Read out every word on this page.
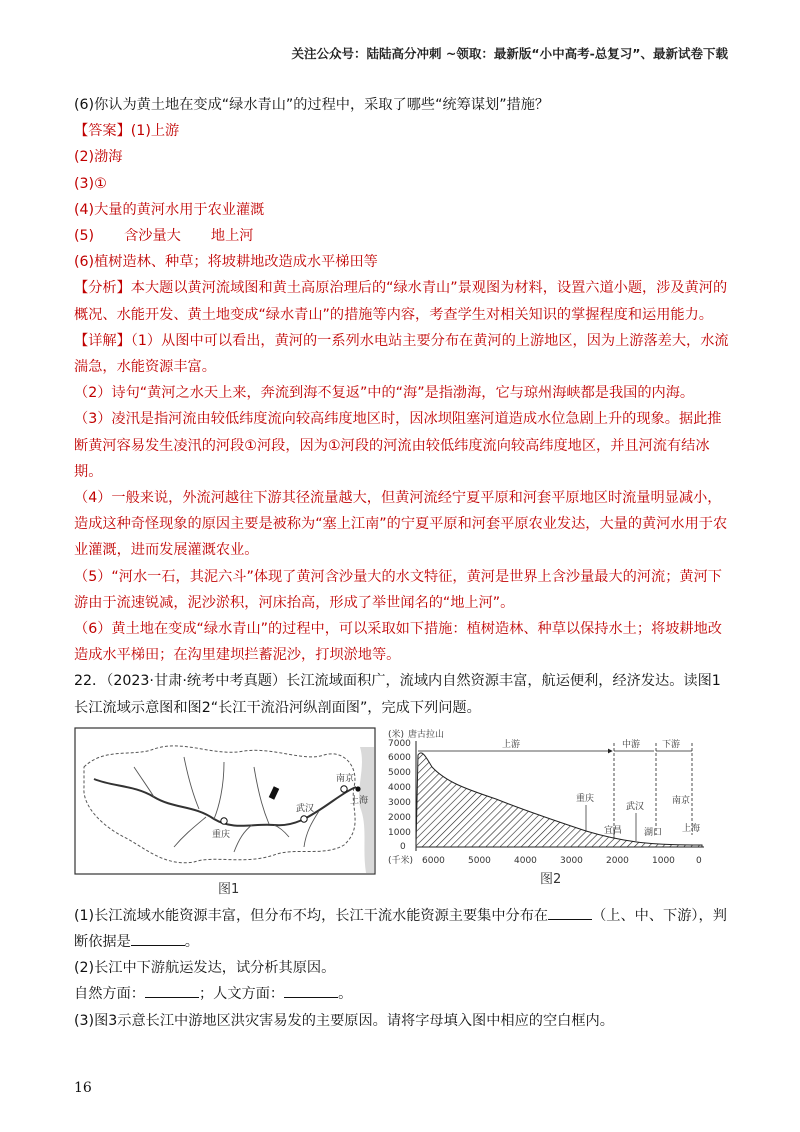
关注公众号：陆陆高分冲刺 ~领取：最新版“小中高考-总复习”、最新试卷下载
(6)你认为黄土地在变成“绿水青山”的过程中，采取了哪些“统筹谋划”措施？
【答案】(1)上游
(2)渤海
(3)①
(4)大量的黄河水用于农业灌溉
(5) 含沙量大 地上河
(6)植树造林、种草；将坡耕地改造成水平梯田等
【分析】本大题以黄河流域图和黄土高原治理后的“绿水青山”景观图为材料，设置六道小题，涉及黄河的概况、水能开发、黄土地变成“绿水青山”的措施等内容，考查学生对相关知识的掌握程度和运用能力。
【详解】（1）从图中可以看出，黄河的一系列水电站主要分布在黄河的上游地区，因为上游落差大，水流湍急，水能资源丰富。
（2）诗句“黄河之水天上来，奔流到海不复返”中的“海”是指渤海，它与琼州海峡都是我国的内海。
（3）凌汛是指河流由较低纬度流向较高纬度地区时，因冰坝阻塞河道造成水位急剧上升的现象。据此推断黄河容易发生凌汛的河段①河段，因为①河段的河流由较低纬度流向较高纬度地区，并且河流有结冰期。
（4）一般来说，外流河越往下游其径流量越大，但黄河流经宁夏平原和河套平原地区时流量明显减小，造成这种奇怪现象的原因主要是被称为“塞上江南”的宁夏平原和河套平原农业发达，大量的黄河水用于农业灌溉，进而发展灌溉农业。
（5）“河水一石，其泥六斗”体现了黄河含沙量大的水文特征，黄河是世界上含沙量最大的河流；黄河下游由于流速锐减，泥沙淤积，河床抬高，形成了举世闻名的“地上河”。
（6）黄土地在变成“绿水青山”的过程中，可以采取如下措施：植树造林、种草以保持水土；将坡耕地改造成水平梯田；在沟里建坝拦蓄泥沙，打坝淤地等。
22．（2023·甘肃·统考中考真题）长江流域面积广，流域内自然资源丰富，航运便利，经济发达。读图1长江流域示意图和图2“长江干流沿河纵剖面图”，完成下列问题。
重庆
武汉
南京
上海
图1
(米) 唐古拉山
7000
6000
5000
4000
3000
2000
1000
0
上游	中游 下游
重庆
宜昌
武汉
湖口
南京
上海
(千米) 6000	5000	4000	3000	2000	1000 0
图2
(1)长江流域水能资源丰富，但分布不均，长江干流水能资源主要集中分布在	（上、中、下游），判断依据是	。
(2)长江中下游航运发达，试分析其原因。
自然方面：	；人文方面：	。
(3)图3示意长江中游地区洪灾害易发的主要原因。请将字母填入图中相应的空白框内。
16
